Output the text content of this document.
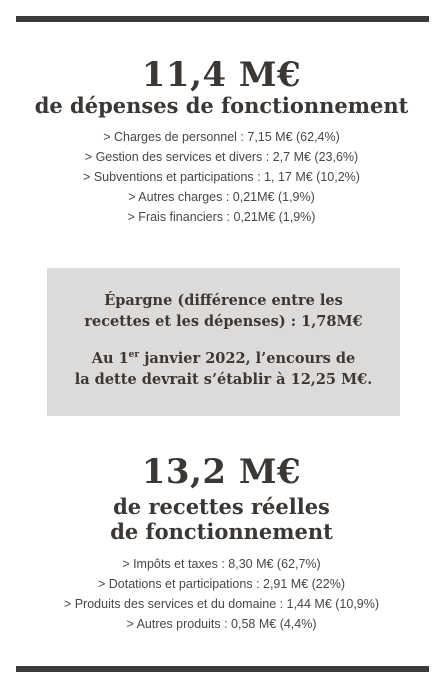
11,4 M€
de dépenses de fonctionnement
> Charges de personnel : 7,15 M€ (62,4%)
> Gestion des services et divers : 2,7 M€ (23,6%)
> Subventions et participations : 1, 17 M€ (10,2%)
> Autres charges : 0,21M€ (1,9%)
> Frais financiers : 0,21M€ (1,9%)

Épargne (différence entre les
recettes et les dépenses) : 1,78M€

Au 1er janvier 2022, l’encours de
la dette devrait s’établir à 12,25 M€.

13,2 M€
de recettes réelles
de fonctionnement
> Impôts et taxes : 8,30 M€ (62,7%)
> Dotations et participations : 2,91 M€ (22%)
> Produits des services et du domaine : 1,44 M€ (10,9%)
> Autres produits : 0,58 M€ (4,4%)
